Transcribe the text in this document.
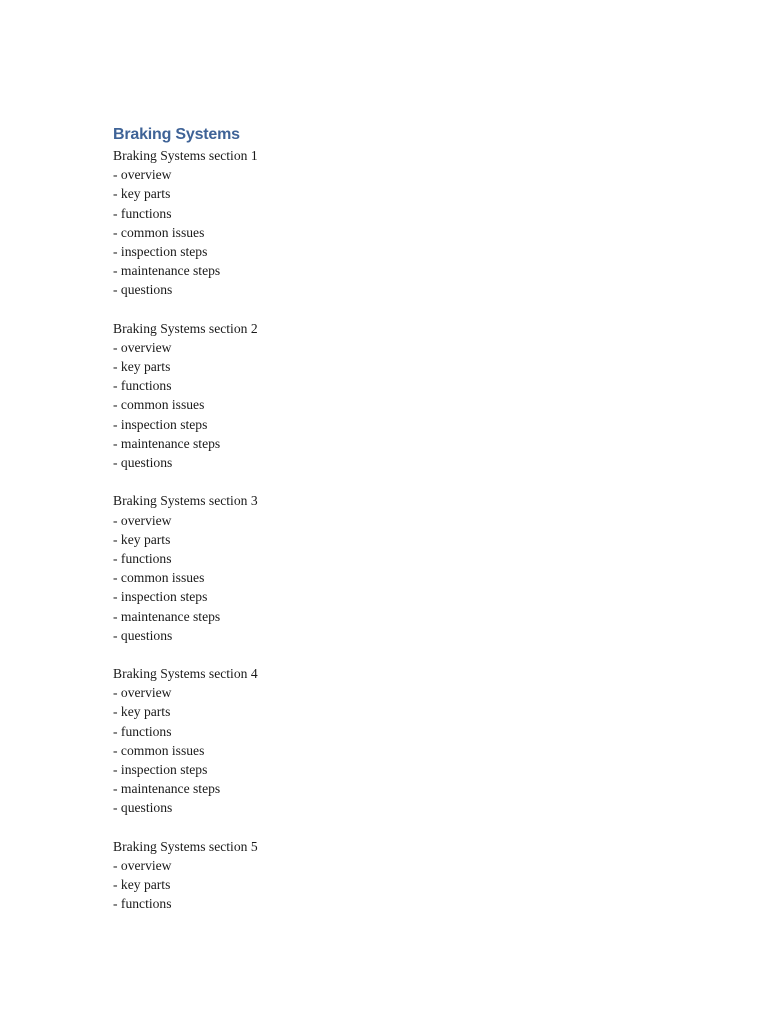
Braking Systems
Braking Systems section 1
- overview
- key parts
- functions
- common issues
- inspection steps
- maintenance steps
- questions
Braking Systems section 2
- overview
- key parts
- functions
- common issues
- inspection steps
- maintenance steps
- questions
Braking Systems section 3
- overview
- key parts
- functions
- common issues
- inspection steps
- maintenance steps
- questions
Braking Systems section 4
- overview
- key parts
- functions
- common issues
- inspection steps
- maintenance steps
- questions
Braking Systems section 5
- overview
- key parts
- functions
